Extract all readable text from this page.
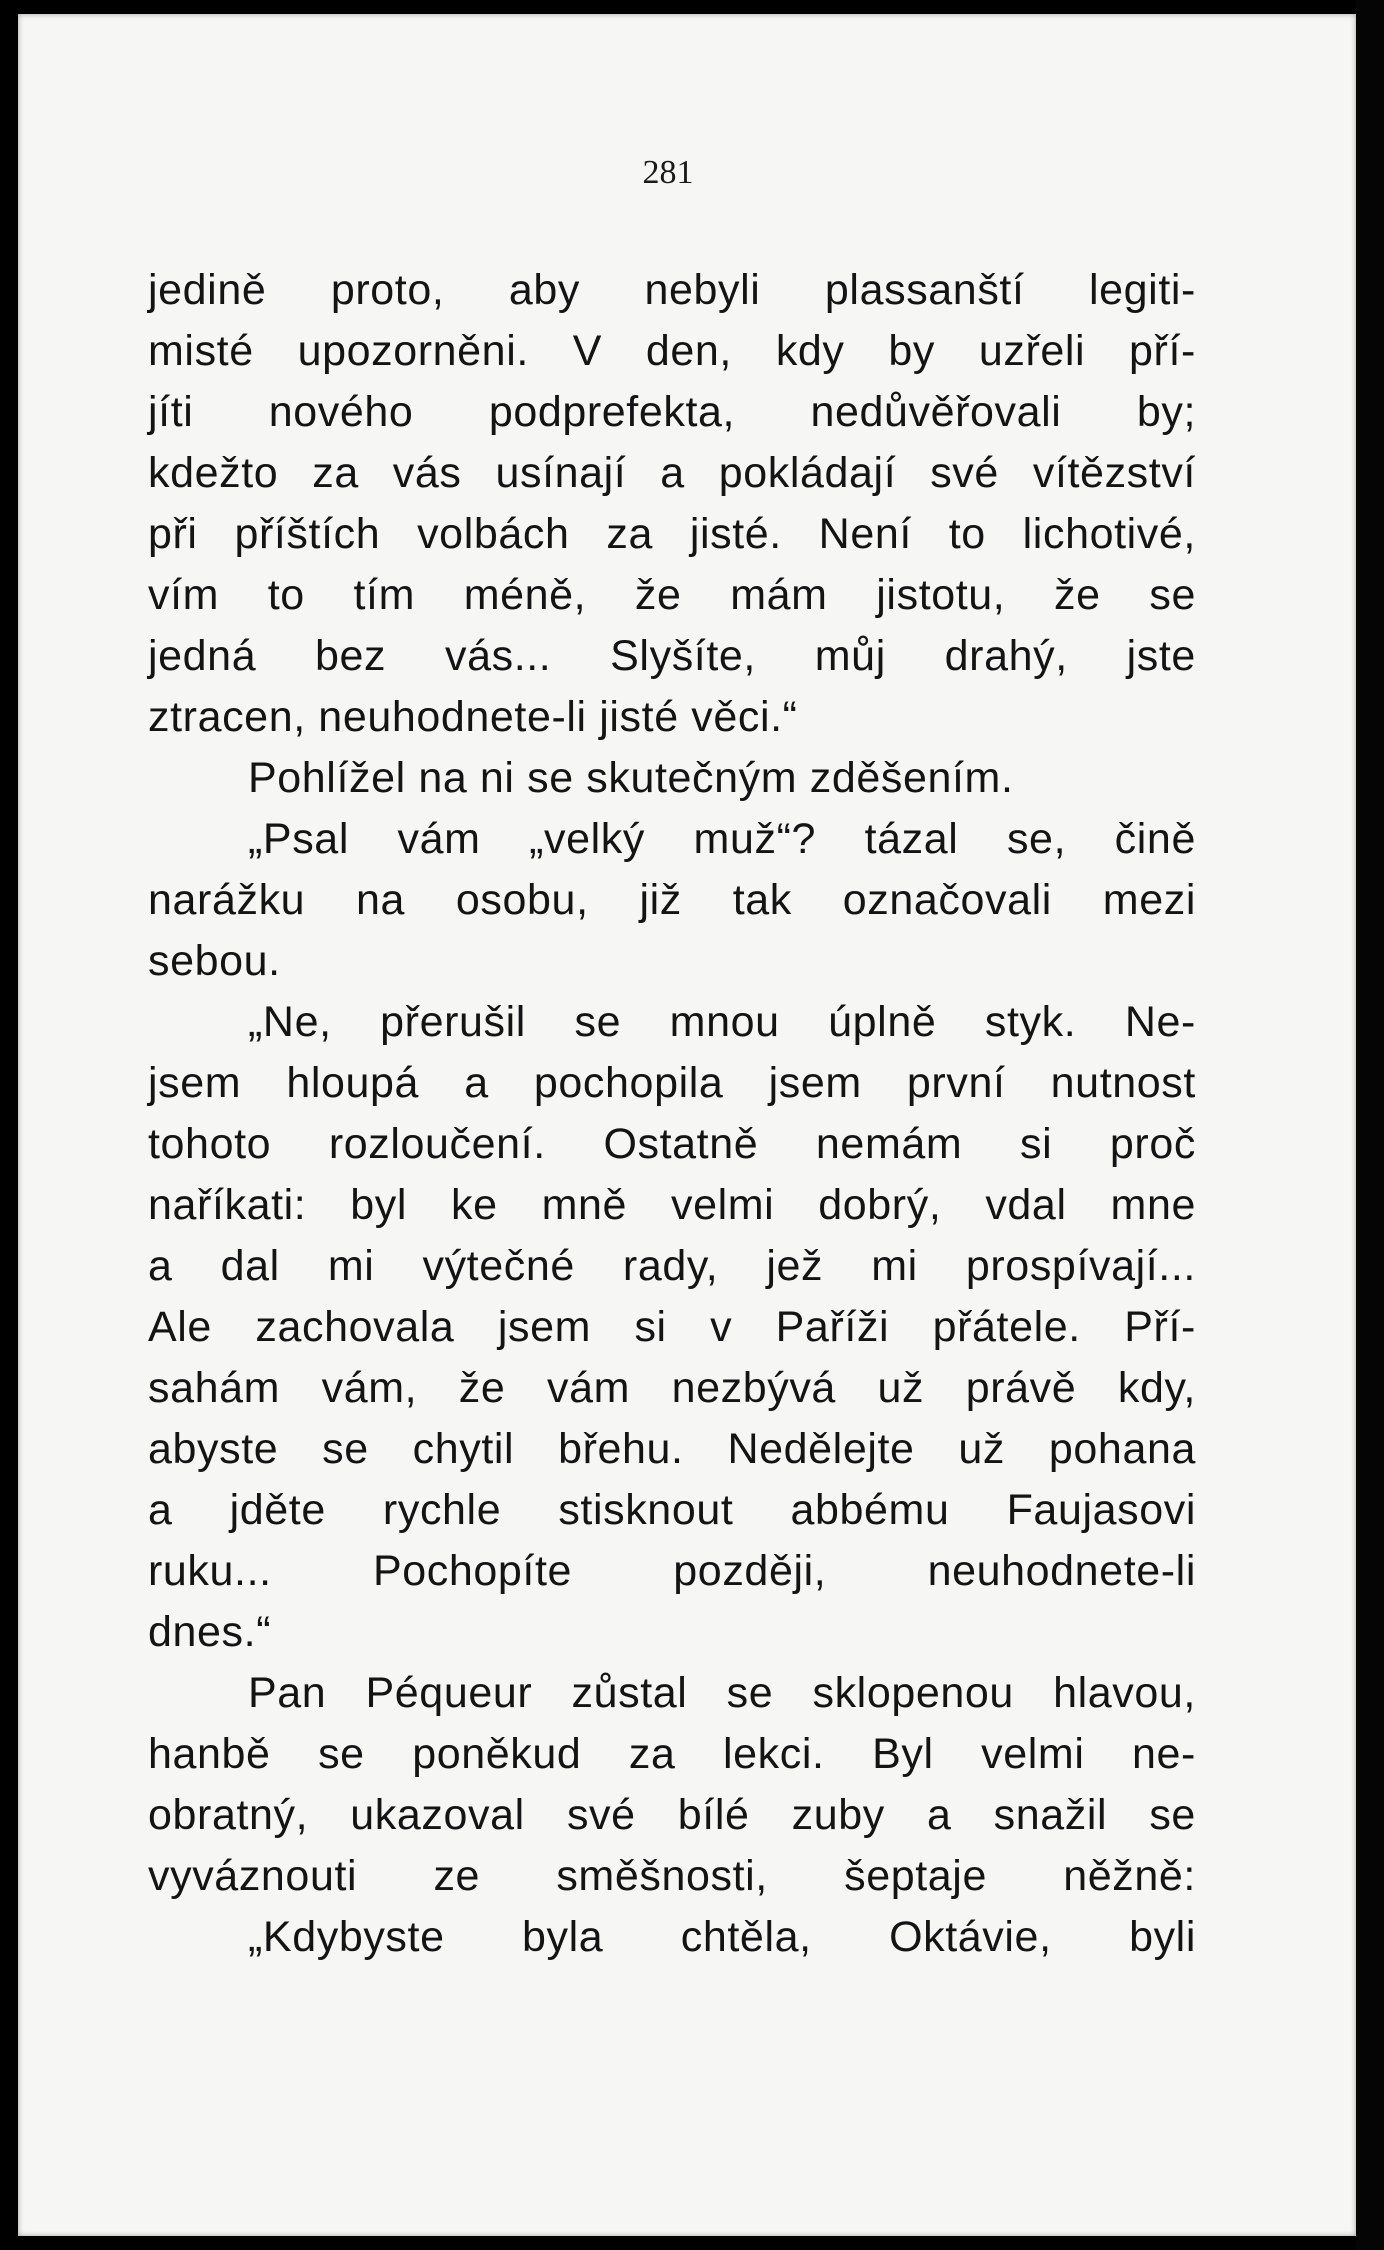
281
jedině proto, aby nebyli plassanští legiti-
misté upozorněni. V den, kdy by uzřeli pří-
jíti nového podprefekta, nedůvěřovali by;
kdežto za vás usínají a pokládají své vítězství
při příštích volbách za jisté. Není to lichotivé,
vím to tím méně, že mám jistotu, že se
jedná bez vás... Slyšíte, můj drahý, jste
ztracen, neuhodnete-li jisté věci.“
Pohlížel na ni se skutečným zděšením.
„Psal vám „velký muž“? tázal se, čině
narážku na osobu, již tak označovali mezi
sebou.
„Ne, přerušil se mnou úplně styk. Ne-
jsem hloupá a pochopila jsem první nutnost
tohoto rozloučení. Ostatně nemám si proč
naříkati: byl ke mně velmi dobrý, vdal mne
a dal mi výtečné rady, jež mi prospívají...
Ale zachovala jsem si v Paříži přátele. Pří-
sahám vám, že vám nezbývá už právě kdy,
abyste se chytil břehu. Nedělejte už pohana
a jděte rychle stisknout abbému Faujasovi
ruku... Pochopíte později, neuhodnete-li
dnes.“
Pan Péqueur zůstal se sklopenou hlavou,
hanbě se poněkud za lekci. Byl velmi ne-
obratný, ukazoval své bílé zuby a snažil se
vyváznouti ze směšnosti, šeptaje něžně:
„Kdybyste byla chtěla, Oktávie, byli
